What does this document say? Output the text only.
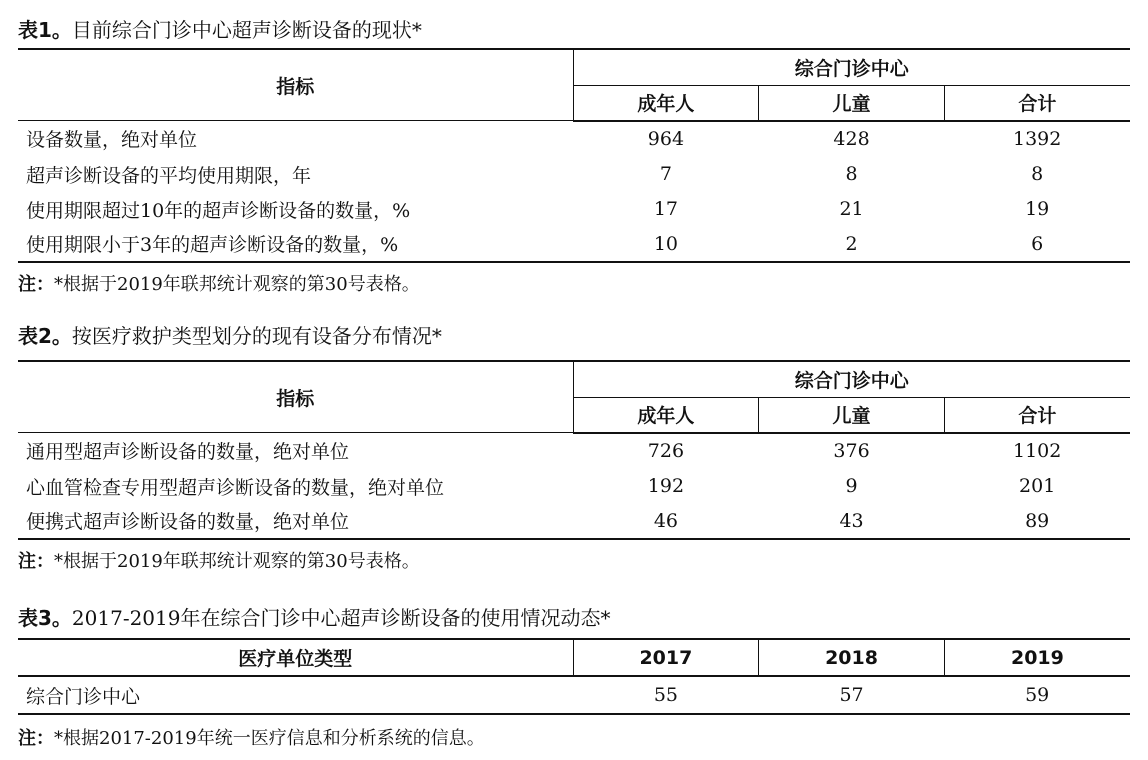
表1。目前综合门诊中心超声诊断设备的现状*
指标	综合门诊中心		
	成年人	儿童	合计
设备数量，绝对单位	964	428	1392
超声诊断设备的平均使用期限，年	7	8	8
使用期限超过10年的超声诊断设备的数量，%	17	21	19
使用期限小于3年的超声诊断设备的数量，%	10	2	6
注：*根据于2019年联邦统计观察的第30号表格。
表2。按医疗救护类型划分的现有设备分布情况*
指标	综合门诊中心		
	成年人	儿童	合计
通用型超声诊断设备的数量，绝对单位	726	376	1102
心血管检查专用型超声诊断设备的数量，绝对单位	192	9	201
便携式超声诊断设备的数量，绝对单位	46	43	89
注：*根据于2019年联邦统计观察的第30号表格。
表3。2017-2019年在综合门诊中心超声诊断设备的使用情况动态*
医疗单位类型	2017	2018	2019
综合门诊中心	55	57	59
注：*根据2017-2019年统一医疗信息和分析系统的信息。
